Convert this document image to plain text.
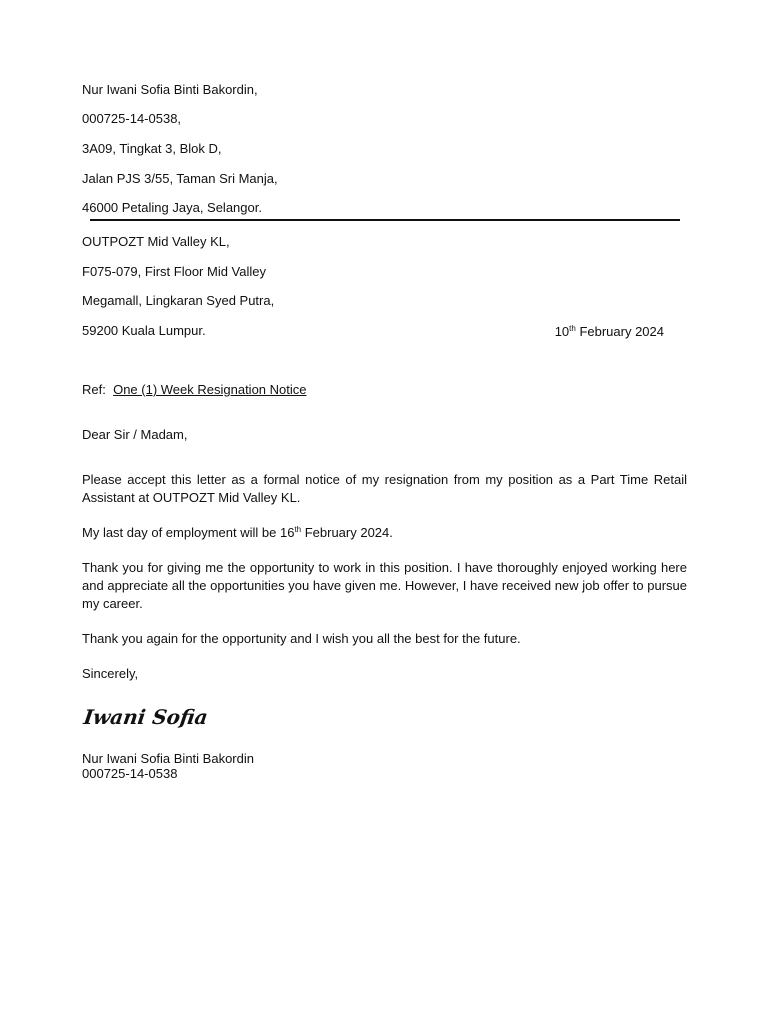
Nur Iwani Sofia Binti Bakordin,
000725-14-0538,
3A09, Tingkat 3, Blok D,
Jalan PJS 3/55, Taman Sri Manja,
46000 Petaling Jaya, Selangor.
OUTPOZT Mid Valley KL,
F075-079, First Floor Mid Valley
Megamall, Lingkaran Syed Putra,
59200 Kuala Lumpur.	10th February 2024
Ref: One (1) Week Resignation Notice
Dear Sir / Madam,
Please accept this letter as a formal notice of my resignation from my position as a Part Time Retail Assistant at OUTPOZT Mid Valley KL.
My last day of employment will be 16th February 2024.
Thank you for giving me the opportunity to work in this position. I have thoroughly enjoyed working here and appreciate all the opportunities you have given me. However, I have received new job offer to pursue my career.
Thank you again for the opportunity and I wish you all the best for the future.
Sincerely,
Iwani Sofia
Nur Iwani Sofia Binti Bakordin
000725-14-0538
